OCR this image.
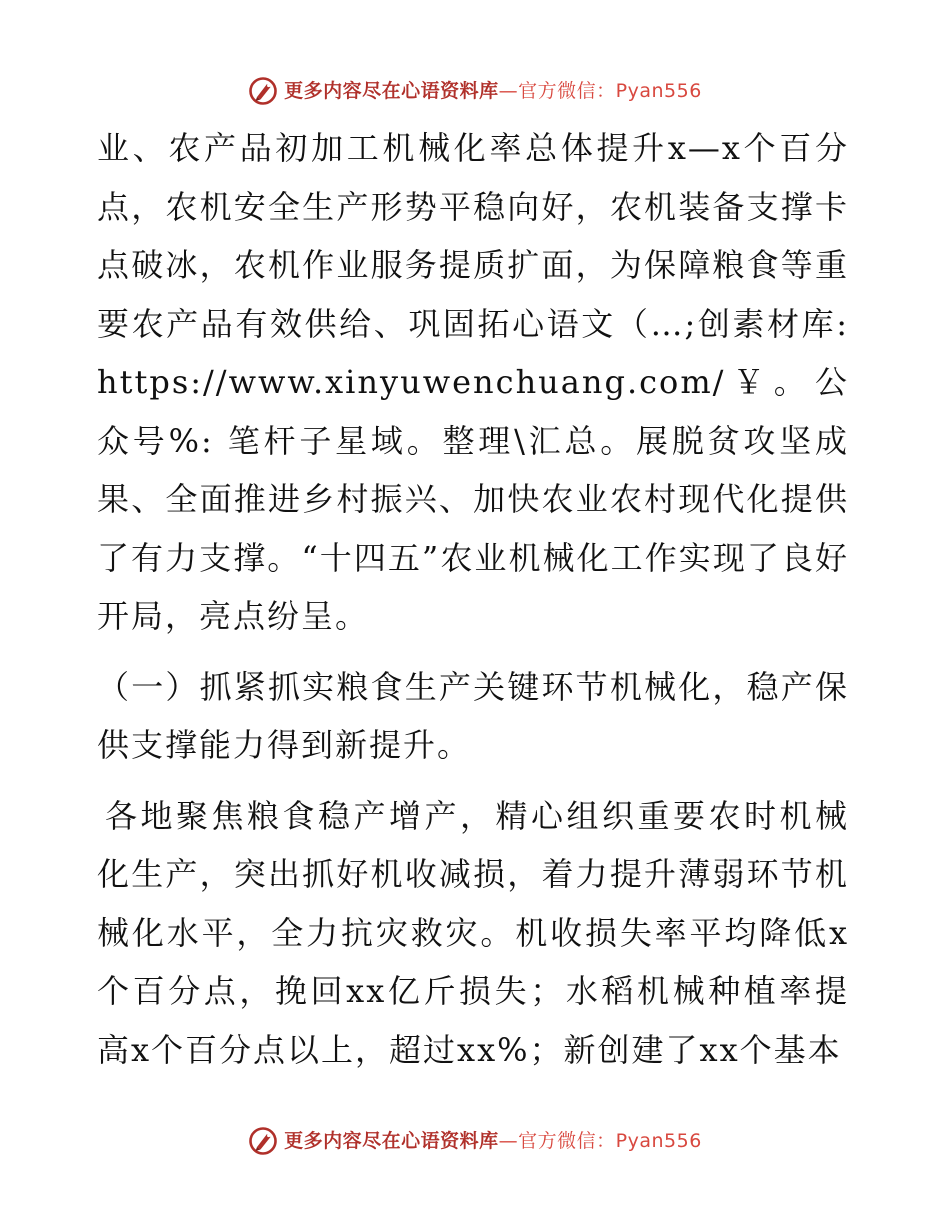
更多内容尽在心语资料库—官方微信：Pyan556

业、农产品初加工机械化率总体提升x—x个百分点，农机安全生产形势平稳向好，农机装备支撑卡点破冰，农机作业服务提质扩面，为保障粮食等重要农产品有效供给、巩固拓心语文（…;创素材库: https://www.xinyuwenchuang.com/￥。公众号%: 笔杆子星域。整理\汇总。展脱贫攻坚成果、全面推进乡村振兴、加快农业农村现代化提供了有力支撑。“十四五”农业机械化工作实现了良好开局，亮点纷呈。

（一）抓紧抓实粮食生产关键环节机械化，稳产保供支撑能力得到新提升。

各地聚焦粮食稳产增产，精心组织重要农时机械化生产，突出抓好机收减损，着力提升薄弱环节机械化水平，全力抗灾救灾。机收损失率平均降低x个百分点，挽回xx亿斤损失；水稻机械种植率提高x个百分点以上，超过xx%；新创建了xx个基本

更多内容尽在心语资料库—官方微信：Pyan556
